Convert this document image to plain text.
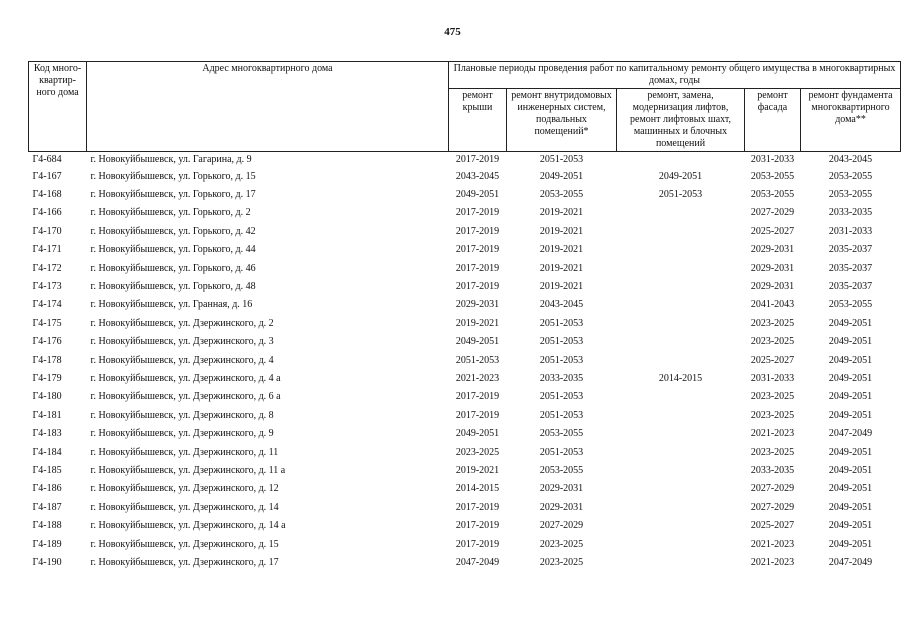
475
Код много-квартир-ного дома	Адрес многоквартирного дома	Плановые периоды проведения работ по капитальному ремонту общего имущества в многоквартирных домах, годы				
		ремонт крыши	ремонт внутридомовых инженерных систем, подвальных помещений*	ремонт, замена, модернизация лифтов, ремонт лифтовых шахт, машинных и блочных помещений	ремонт фасада	ремонт фундамента многоквартирного дома**
Г4-684	г. Новокуйбышевск, ул. Гагарина, д. 9	2017-2019	2051-2053		2031-2033	2043-2045
Г4-167	г. Новокуйбышевск, ул. Горького, д. 15	2043-2045	2049-2051	2049-2051	2053-2055	2053-2055
Г4-168	г. Новокуйбышевск, ул. Горького, д. 17	2049-2051	2053-2055	2051-2053	2053-2055	2053-2055
Г4-166	г. Новокуйбышевск, ул. Горького, д. 2	2017-2019	2019-2021		2027-2029	2033-2035
Г4-170	г. Новокуйбышевск, ул. Горького, д. 42	2017-2019	2019-2021		2025-2027	2031-2033
Г4-171	г. Новокуйбышевск, ул. Горького, д. 44	2017-2019	2019-2021		2029-2031	2035-2037
Г4-172	г. Новокуйбышевск, ул. Горького, д. 46	2017-2019	2019-2021		2029-2031	2035-2037
Г4-173	г. Новокуйбышевск, ул. Горького, д. 48	2017-2019	2019-2021		2029-2031	2035-2037
Г4-174	г. Новокуйбышевск, ул. Гранная, д. 16	2029-2031	2043-2045		2041-2043	2053-2055
Г4-175	г. Новокуйбышевск, ул. Дзержинского, д. 2	2019-2021	2051-2053		2023-2025	2049-2051
Г4-176	г. Новокуйбышевск, ул. Дзержинского, д. 3	2049-2051	2051-2053		2023-2025	2049-2051
Г4-178	г. Новокуйбышевск, ул. Дзержинского, д. 4	2051-2053	2051-2053		2025-2027	2049-2051
Г4-179	г. Новокуйбышевск, ул. Дзержинского, д. 4 а	2021-2023	2033-2035	2014-2015	2031-2033	2049-2051
Г4-180	г. Новокуйбышевск, ул. Дзержинского, д. 6 а	2017-2019	2051-2053		2023-2025	2049-2051
Г4-181	г. Новокуйбышевск, ул. Дзержинского, д. 8	2017-2019	2051-2053		2023-2025	2049-2051
Г4-183	г. Новокуйбышевск, ул. Дзержинского, д. 9	2049-2051	2053-2055		2021-2023	2047-2049
Г4-184	г. Новокуйбышевск, ул. Дзержинского, д. 11	2023-2025	2051-2053		2023-2025	2049-2051
Г4-185	г. Новокуйбышевск, ул. Дзержинского, д. 11 а	2019-2021	2053-2055		2033-2035	2049-2051
Г4-186	г. Новокуйбышевск, ул. Дзержинского, д. 12	2014-2015	2029-2031		2027-2029	2049-2051
Г4-187	г. Новокуйбышевск, ул. Дзержинского, д. 14	2017-2019	2029-2031		2027-2029	2049-2051
Г4-188	г. Новокуйбышевск, ул. Дзержинского, д. 14 а	2017-2019	2027-2029		2025-2027	2049-2051
Г4-189	г. Новокуйбышевск, ул. Дзержинского, д. 15	2017-2019	2023-2025		2021-2023	2049-2051
Г4-190	г. Новокуйбышевск, ул. Дзержинского, д. 17	2047-2049	2023-2025		2021-2023	2047-2049
